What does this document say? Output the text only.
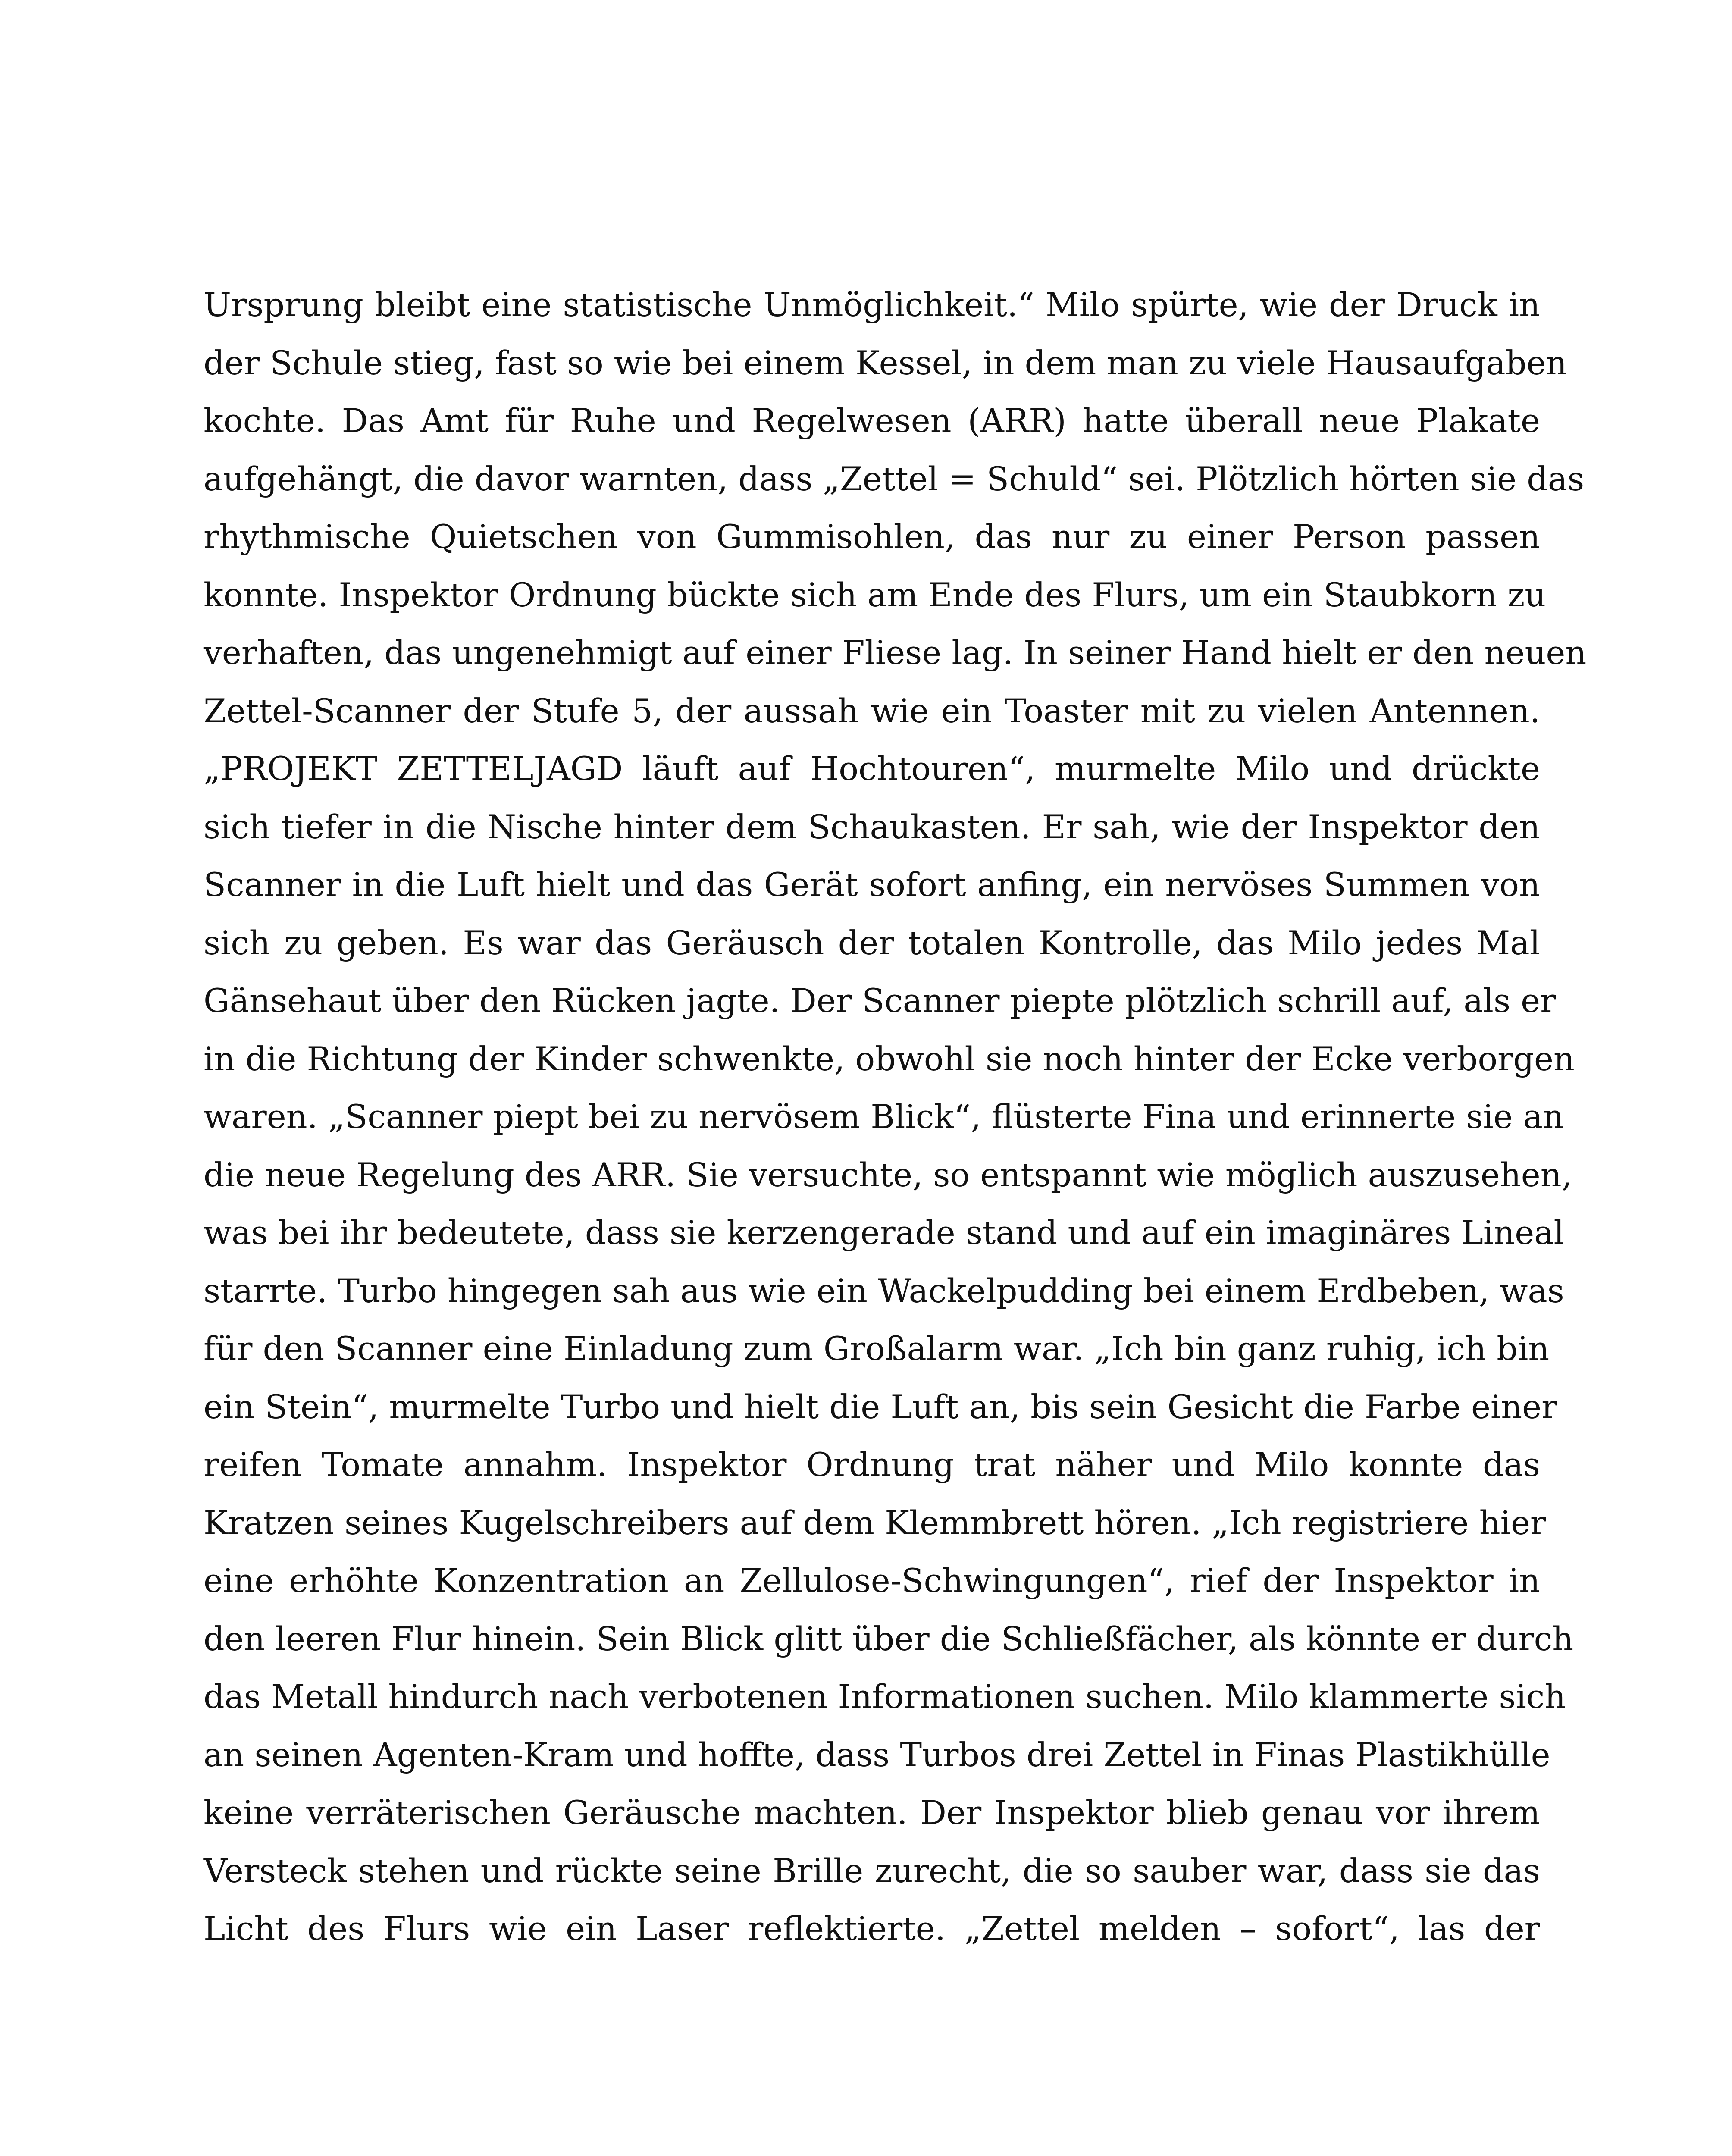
Ursprung bleibt eine statistische Unmöglichkeit.“ Milo spürte, wie der Druck in
der Schule stieg, fast so wie bei einem Kessel, in dem man zu viele Hausaufgaben
kochte. Das Amt für Ruhe und Regelwesen (ARR) hatte überall neue Plakate
aufgehängt, die davor warnten, dass „Zettel = Schuld“ sei. Plötzlich hörten sie das
rhythmische Quietschen von Gummisohlen, das nur zu einer Person passen
konnte. Inspektor Ordnung bückte sich am Ende des Flurs, um ein Staubkorn zu
verhaften, das ungenehmigt auf einer Fliese lag. In seiner Hand hielt er den neuen
Zettel-Scanner der Stufe 5, der aussah wie ein Toaster mit zu vielen Antennen.
„PROJEKT ZETTELJAGD läuft auf Hochtouren“, murmelte Milo und drückte
sich tiefer in die Nische hinter dem Schaukasten. Er sah, wie der Inspektor den
Scanner in die Luft hielt und das Gerät sofort anfing, ein nervöses Summen von
sich zu geben. Es war das Geräusch der totalen Kontrolle, das Milo jedes Mal
Gänsehaut über den Rücken jagte. Der Scanner piepte plötzlich schrill auf, als er
in die Richtung der Kinder schwenkte, obwohl sie noch hinter der Ecke verborgen
waren. „Scanner piept bei zu nervösem Blick“, flüsterte Fina und erinnerte sie an
die neue Regelung des ARR. Sie versuchte, so entspannt wie möglich auszusehen,
was bei ihr bedeutete, dass sie kerzengerade stand und auf ein imaginäres Lineal
starrte. Turbo hingegen sah aus wie ein Wackelpudding bei einem Erdbeben, was
für den Scanner eine Einladung zum Großalarm war. „Ich bin ganz ruhig, ich bin
ein Stein“, murmelte Turbo und hielt die Luft an, bis sein Gesicht die Farbe einer
reifen Tomate annahm. Inspektor Ordnung trat näher und Milo konnte das
Kratzen seines Kugelschreibers auf dem Klemmbrett hören. „Ich registriere hier
eine erhöhte Konzentration an Zellulose-Schwingungen“, rief der Inspektor in
den leeren Flur hinein. Sein Blick glitt über die Schließfächer, als könnte er durch
das Metall hindurch nach verbotenen Informationen suchen. Milo klammerte sich
an seinen Agenten-Kram und hoffte, dass Turbos drei Zettel in Finas Plastikhülle
keine verräterischen Geräusche machten. Der Inspektor blieb genau vor ihrem
Versteck stehen und rückte seine Brille zurecht, die so sauber war, dass sie das
Licht des Flurs wie ein Laser reflektierte. „Zettel melden – sofort“, las der
